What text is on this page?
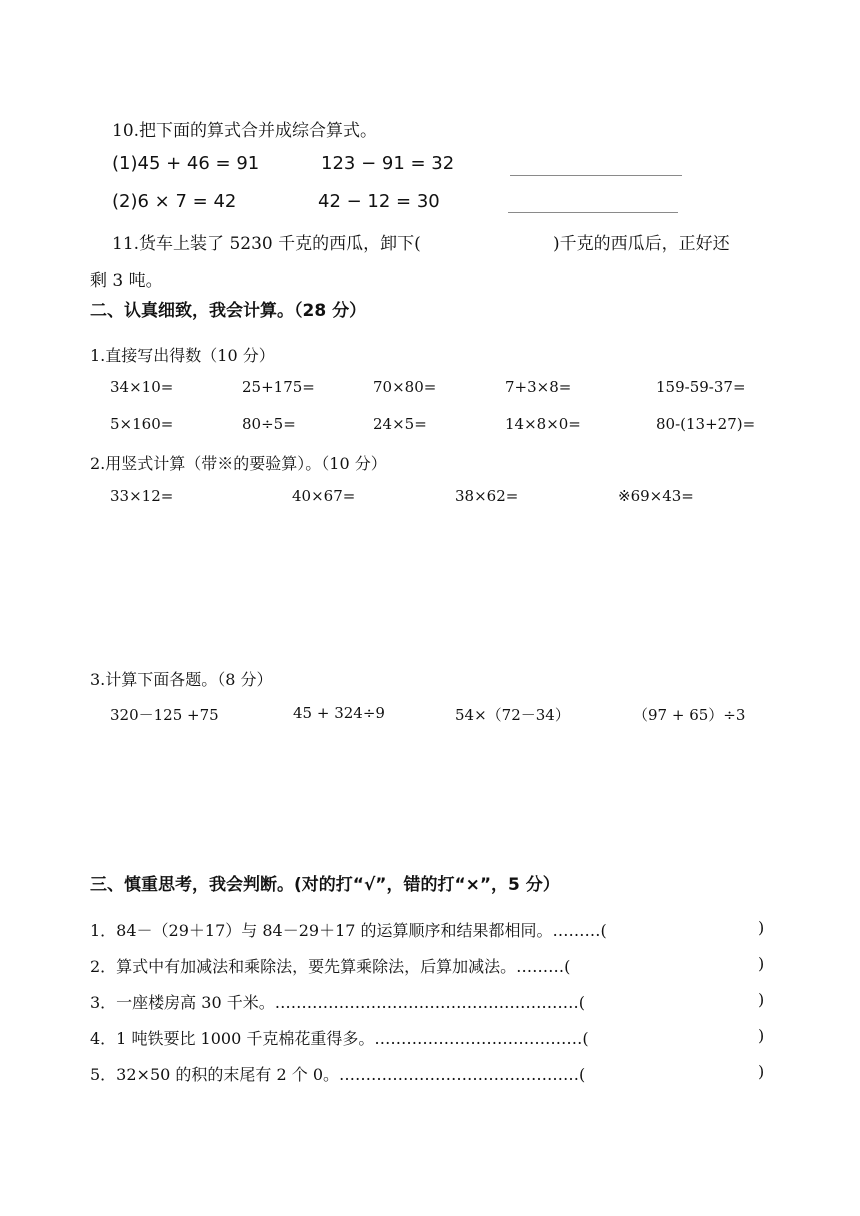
10.把下面的算式合并成综合算式。
(1)45 + 46 = 91	123 − 91 = 32
(2)6 × 7 = 42	42 − 12 = 30
11.货车上装了 5230 千克的西瓜，卸下(	)千克的西瓜后，正好还
剩 3 吨。
二、认真细致，我会计算。（28 分）
1.直接写出得数（10 分）
34×10=	25+175=	70×80=	7+3×8=	159-59-37=
5×160=	80÷5=	24×5=	14×8×0=	80-(13+27)=
2.用竖式计算（带※的要验算）。（10 分）
33×12=	40×67=	38×62=	※69×43=
3.计算下面各题。（8 分）
320－125 +75	45 + 324÷9	54×（72－34）	（97 + 65）÷3
三、慎重思考，我会判断。(对的打“√”，错的打“×”，5 分）
1．84－（29＋17）与 84－29＋17 的运算顺序和结果都相同。………(	)
2．算式中有加减法和乘除法，要先算乘除法，后算加减法。………(	)
3．一座楼房高 30 千米。…………………………………………………(	)
4．1 吨铁要比 1000 千克棉花重得多。…………………………………(	)
5．32×50 的积的末尾有 2 个 0。………………………………………(	)
